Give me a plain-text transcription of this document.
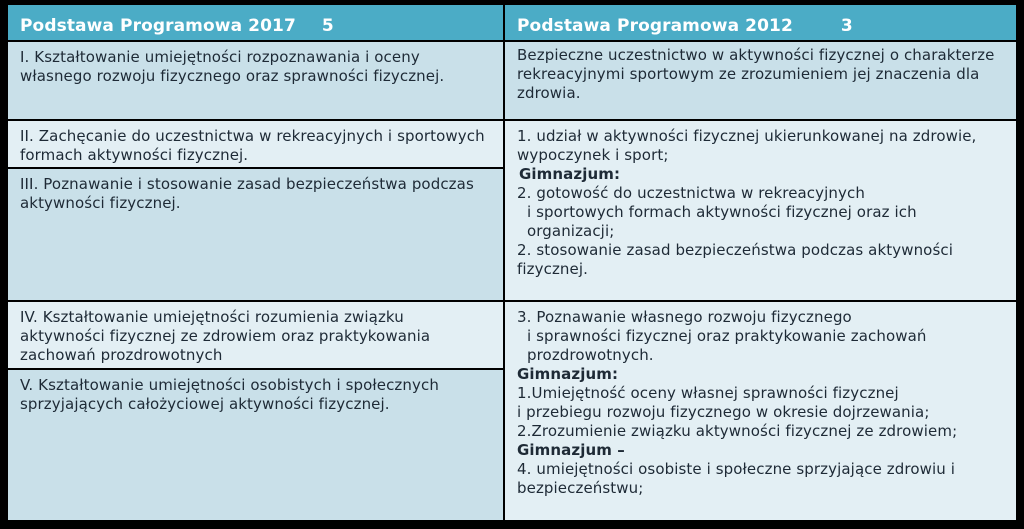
Podstawa Programowa 2017 5	Podstawa Programowa 2012	3
I. Kształtowanie umiejętności rozpoznawania i oceny własnego rozwoju fizycznego oraz sprawności fizycznej.
Bezpieczne uczestnictwo w aktywności fizycznej o charakterze rekreacyjnymi sportowym ze zrozumieniem jej znaczenia dla zdrowia.
II. Zachęcanie do uczestnictwa w rekreacyjnych i sportowych formach aktywności fizycznej.
III. Poznawanie i stosowanie zasad bezpieczeństwa podczas aktywności fizycznej.
1. udział w aktywności fizycznej ukierunkowanej na zdrowie, wypoczynek i sport;
Gimnazjum:
2. gotowość do uczestnictwa w rekreacyjnych
i sportowych formach aktywności fizycznej oraz ich organizacji;
2. stosowanie zasad bezpieczeństwa podczas aktywności fizycznej.
IV. Kształtowanie umiejętności rozumienia związku aktywności fizycznej ze zdrowiem oraz praktykowania zachowań prozdrowotnych
V. Kształtowanie umiejętności osobistych i społecznych sprzyjających całożyciowej aktywności fizycznej.
3. Poznawanie własnego rozwoju fizycznego
i sprawności fizycznej oraz praktykowanie zachowań prozdrowotnych.
Gimnazjum:
1.Umiejętność oceny własnej sprawności fizycznej
i przebiegu rozwoju fizycznego w okresie dojrzewania;
2.Zrozumienie związku aktywności fizycznej ze zdrowiem;
Gimnazjum –
4. umiejętności osobiste i społeczne sprzyjające zdrowiu i bezpieczeństwu;
